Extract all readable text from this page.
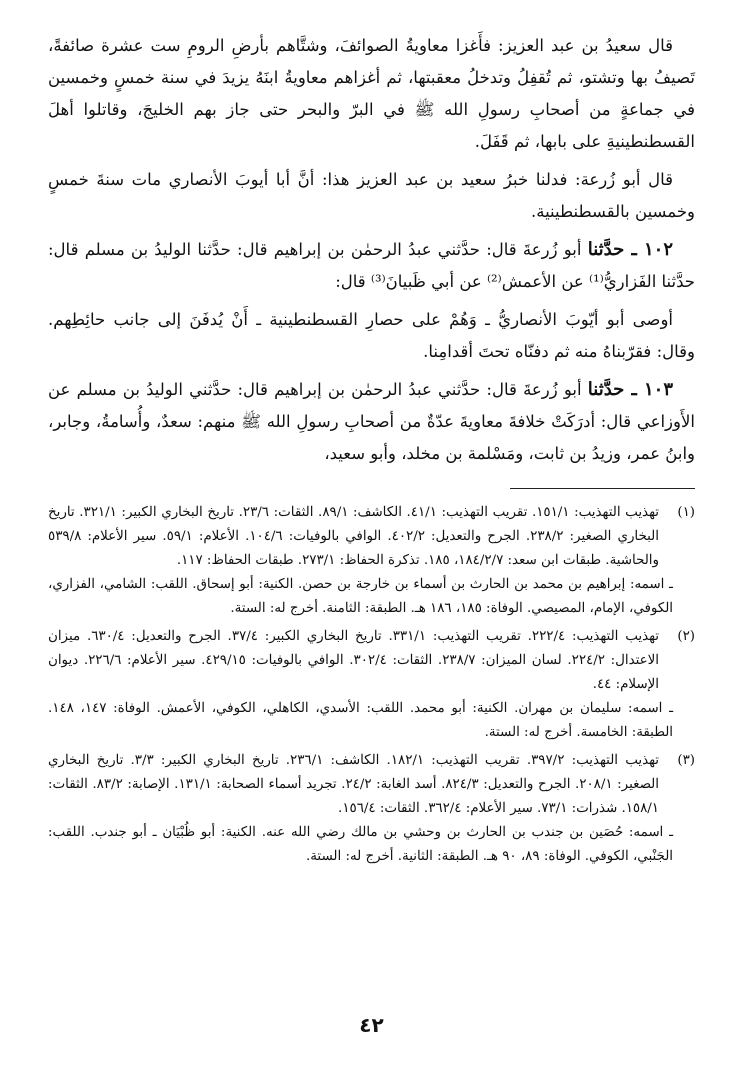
قال سعيدُ بن عبد العزيز: فأَغزا معاويةُ الصوائفَ، وشتَّاهم بأرضِ الرومِ ست عشرة صائفةً، تَصيفُ بها وتشتو، ثم تُقفِلُ وتدخلُ معقبتها، ثم أغزاهم معاويةُ ابنَهُ يزيدَ في سنة خمسٍ وخمسين في جماعةٍ من أصحابِ رسولِ الله ﷺ في البرّ والبحر حتى جاز بهم الخليجَ، وقاتلوا أهلَ القسطنطينيةِ على بابها، ثم قَفَلَ.

قال أبو زُرعة: فدلنا خبرُ سعيد بن عبد العزيز هذا: أنَّ أبا أيوبَ الأنصاري مات سنةَ خمسٍ وخمسين بالقسطنطينية.

١٠٢ ـ حدَّثنا أبو زُرعةَ قال: حدَّثني عبدُ الرحمٰن بن إبراهيم قال: حدَّثنا الوليدُ بن مسلم قال: حدَّثنا الفَزاريُّ⁽¹⁾ عن الأعمش⁽²⁾ عن أبي ظَبيانَ⁽³⁾ قال:

أوصى أبو أيّوبَ الأنصاريُّ ـ وَهُمْ على حصارِ القسطنطينية ـ أَنْ يُدفَنَ إلى جانب حائِطِهم. وقال: فقرّبناهُ منه ثم دفنّاه تحتَ أقدامِنا.

١٠٣ ـ حدَّثنا أبو زُرعةَ قال: حدَّثني عبدُ الرحمٰن بن إبراهيم قال: حدَّثني الوليدُ بن مسلم عن الأَوزاعي قال: أدرَكَتْ خلافةَ معاويةَ عدّةٌ من أصحابِ رسولِ الله ﷺ منهم: سعدٌ، وأُسامةُ، وجابر، وابنُ عمر، وزيدُ بن ثابت، ومَسْلمة بن مخلد، وأبو سعيد،

(١)
تهذيب التهذيب: ١٥١/١. تقريب التهذيب: ٤١/١. الكاشف: ٨٩/١. الثقات: ٢٣/٦. تاريخ البخاري الكبير: ٣٢١/١. تاريخ البخاري الصغير: ٢٣٨/٢. الجرح والتعديل: ٤٠٢/٢. الوافي بالوفيات: ١٠٤/٦. الأعلام: ٥٩/١. سير الأعلام: ٥٣٩/٨ والحاشية. طبقات ابن سعد: ١٨٤/٢/٧، ١٨٥. تذكرة الحفاظ: ٢٧٣/١. طبقات الحفاظ: ١١٧.
ـ اسمه: إبراهيم بن محمد بن الحارث بن أسماء بن خارجة بن حصن. الكنية: أبو إسحاق. اللقب: الشامي، الفزاري، الكوفي، الإمام، المصيصي. الوفاة: ١٨٥، ١٨٦ هـ. الطبقة: الثامنة. أخرج له: الستة.
(٢)
تهذيب التهذيب: ٢٢٢/٤. تقريب التهذيب: ٣٣١/١. تاريخ البخاري الكبير: ٣٧/٤. الجرح والتعديل: ٦٣٠/٤. ميزان الاعتدال: ٢٢٤/٢. لسان الميزان: ٢٣٨/٧. الثقات: ٣٠٢/٤. الوافي بالوفيات: ٤٢٩/١٥. سير الأعلام: ٢٢٦/٦. ديوان الإسلام: ٤٤.
ـ اسمه: سليمان بن مهران. الكنية: أبو محمد. اللقب: الأسدي، الكاهلي، الكوفي، الأعمش. الوفاة: ١٤٧، ١٤٨. الطبقة: الخامسة. أخرج له: الستة.
(٣)
تهذيب التهذيب: ٣٩٧/٢. تقريب التهذيب: ١٨٢/١. الكاشف: ٢٣٦/١. تاريخ البخاري الكبير: ٣/٣. تاريخ البخاري الصغير: ٢٠٨/١. الجرح والتعديل: ٨٢٤/٣. أسد الغابة: ٢٤/٢. تجريد أسماء الصحابة: ١٣١/١. الإصابة: ٨٣/٢. الثقات: ١٥٨/١. شذرات: ٧٣/١. سير الأعلام: ٣٦٢/٤. الثقات: ١٥٦/٤.
ـ اسمه: حُصَين بن جندب بن الحارث بن وحشي بن مالك رضي الله عنه. الكنية: أبو ظُبْيَان ـ أبو جندب. اللقب: الجَنْبي، الكوفي. الوفاة: ٨٩، ٩٠ هـ. الطبقة: الثانية. أخرج له: الستة.
٤٢
